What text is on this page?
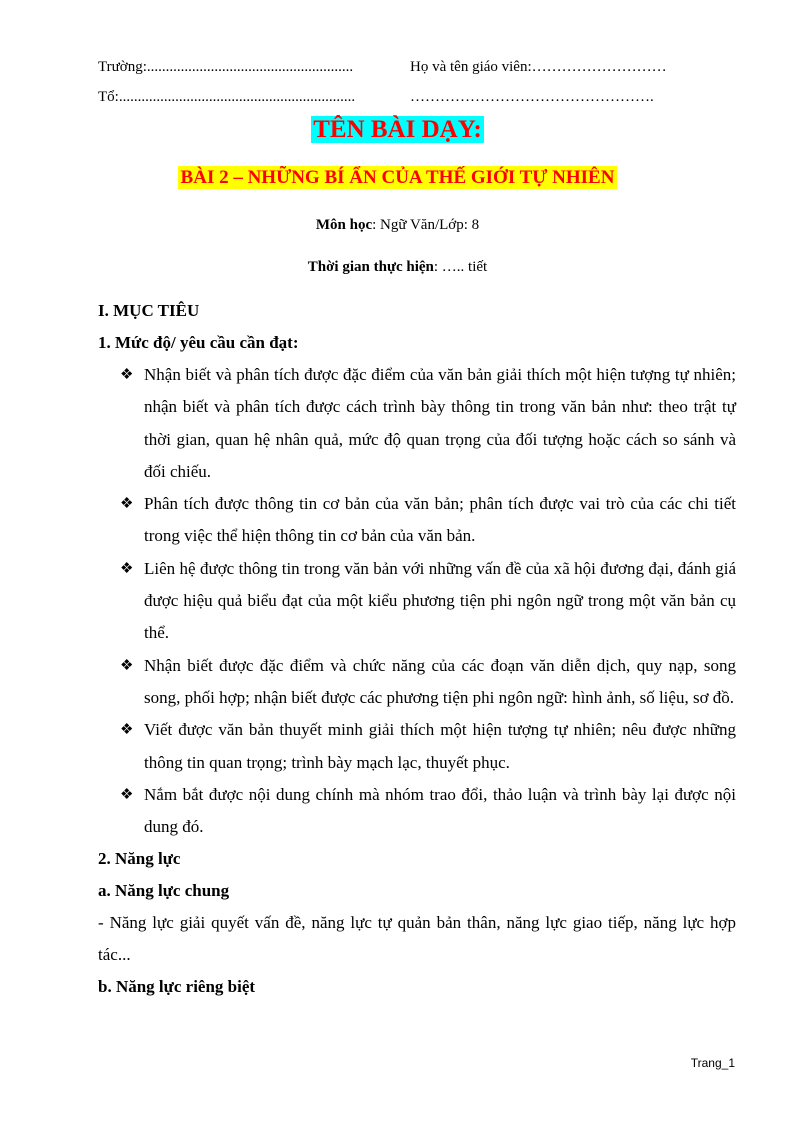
Trường:.......................................................	Họ và tên giáo viên:………………………
Tổ:...............................................................	………………………………………….
TÊN BÀI DẠY:
BÀI 2 – NHỮNG BÍ ẨN CỦA THẾ GIỚI TỰ NHIÊN
Môn học: Ngữ Văn/Lớp: 8
Thời gian thực hiện: ….. tiết

I. MỤC TIÊU

1. Mức độ/ yêu cầu cần đạt:

❖ Nhận biết và phân tích được đặc điểm của văn bản giải thích một hiện tượng tự nhiên; nhận biết và phân tích được cách trình bày thông tin trong văn bản như: theo trật tự thời gian, quan hệ nhân quả, mức độ quan trọng của đối tượng hoặc cách so sánh và đối chiếu.
❖ Phân tích được thông tin cơ bản của văn bản; phân tích được vai trò của các chi tiết trong việc thể hiện thông tin cơ bản của văn bản.
❖ Liên hệ được thông tin trong văn bản với những vấn đề của xã hội đương đại, đánh giá được hiệu quả biểu đạt của một kiểu phương tiện phi ngôn ngữ trong một văn bản cụ thể.
❖ Nhận biết được đặc điểm và chức năng của các đoạn văn diễn dịch, quy nạp, song song, phối hợp; nhận biết được các phương tiện phi ngôn ngữ: hình ảnh, số liệu, sơ đồ.
❖ Viết được văn bản thuyết minh giải thích một hiện tượng tự nhiên; nêu được những thông tin quan trọng; trình bày mạch lạc, thuyết phục.
❖ Nắm bắt được nội dung chính mà nhóm trao đổi, thảo luận và trình bày lại được nội dung đó.

2. Năng lực

a. Năng lực chung

- Năng lực giải quyết vấn đề, năng lực tự quản bản thân, năng lực giao tiếp, năng lực hợp tác...

b. Năng lực riêng biệt

Trang_1
